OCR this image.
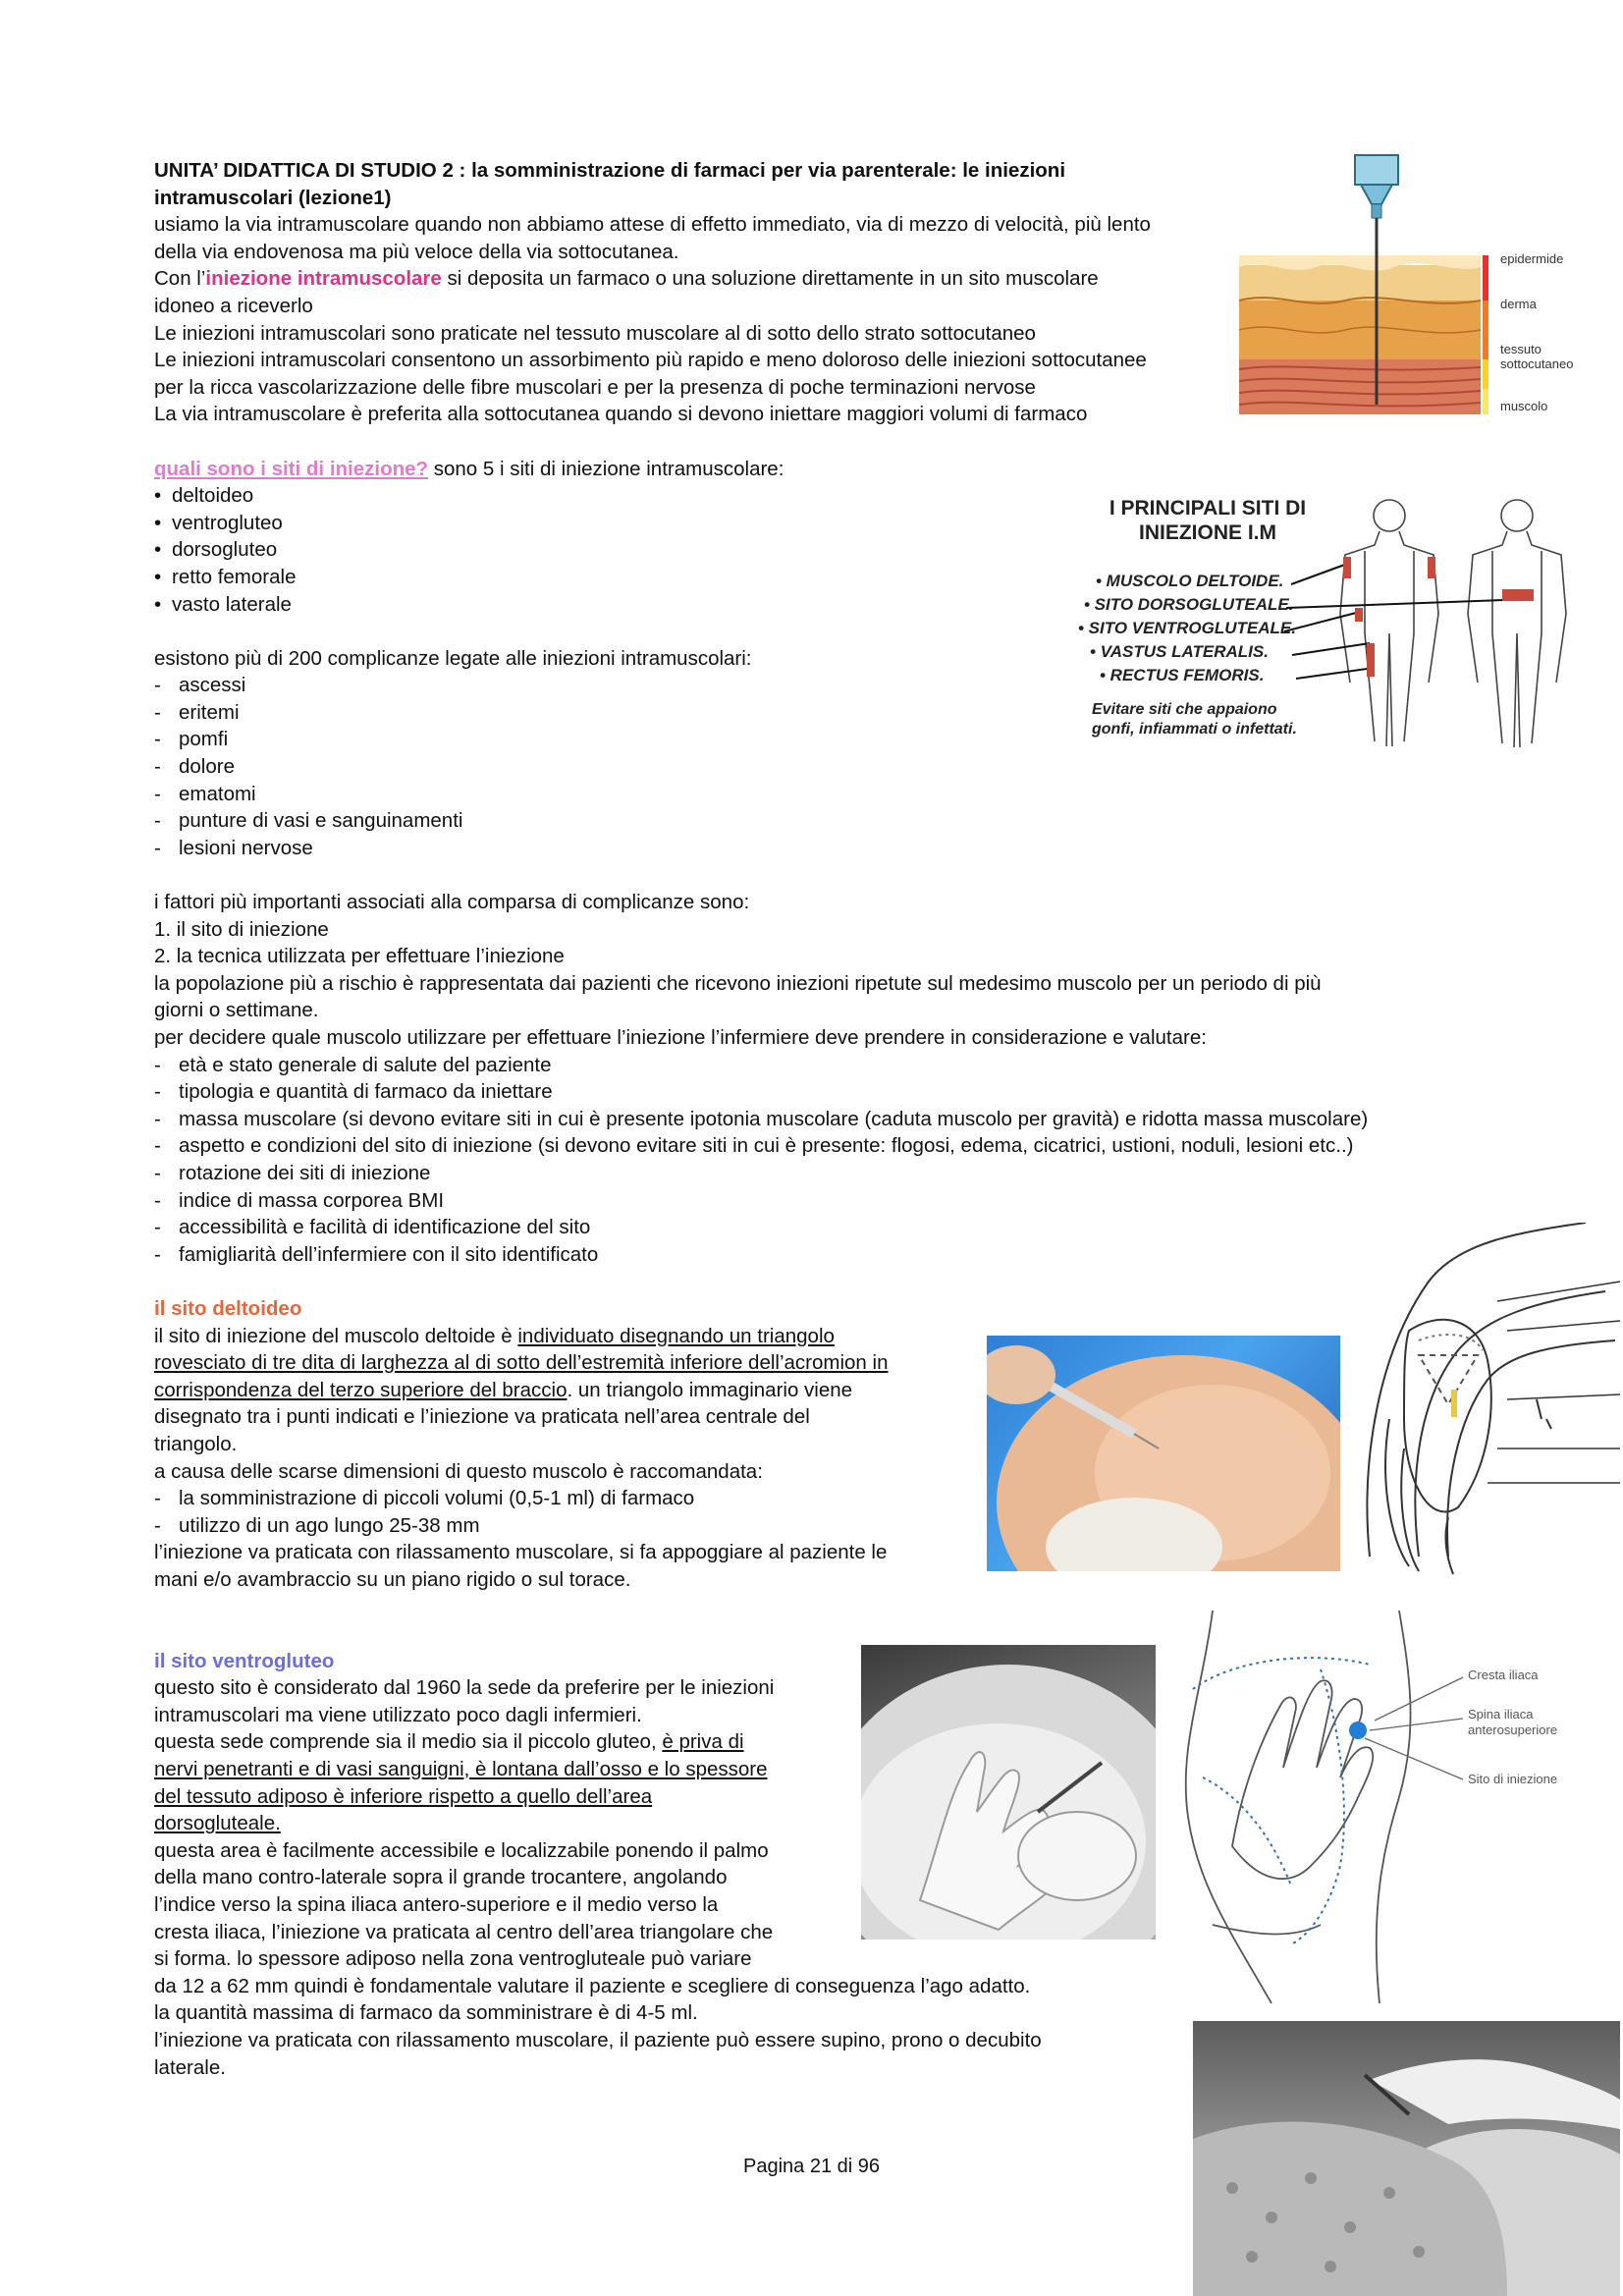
UNITA’ DIDATTICA DI STUDIO 2 : la somministrazione di farmaci per via parenterale: le iniezioni

intramuscolari (lezione1)

usiamo la via intramuscolare quando non abbiamo attese di effetto immediato, via di mezzo di velocità, più lento

della via endovenosa ma più veloce della via sottocutanea.

Con l’iniezione intramuscolare si deposita un farmaco o una soluzione direttamente in un sito muscolare

idoneo a riceverlo

Le iniezioni intramuscolari sono praticate nel tessuto muscolare al di sotto dello strato sottocutaneo

Le iniezioni intramuscolari consentono un assorbimento più rapido e meno doloroso delle iniezioni sottocutanee

per la ricca vascolarizzazione delle fibre muscolari e per la presenza di poche terminazioni nervose

La via intramuscolare è preferita alla sottocutanea quando si devono iniettare maggiori volumi di farmaco

quali sono i siti di iniezione? sono 5 i siti di iniezione intramuscolare:

• deltoideo

• ventrogluteo

• dorsogluteo

• retto femorale

• vasto laterale

esistono più di 200 complicanze legate alle iniezioni intramuscolari:

- ascessi

- eritemi

- pomfi

- dolore

- ematomi

- punture di vasi e sanguinamenti

- lesioni nervose

i fattori più importanti associati alla comparsa di complicanze sono:

1. il sito di iniezione

2. la tecnica utilizzata per effettuare l’iniezione

la popolazione più a rischio è rappresentata dai pazienti che ricevono iniezioni ripetute sul medesimo muscolo per un periodo di più

giorni o settimane.

per decidere quale muscolo utilizzare per effettuare l’iniezione l’infermiere deve prendere in considerazione e valutare:

- età e stato generale di salute del paziente

- tipologia e quantità di farmaco da iniettare

- massa muscolare (si devono evitare siti in cui è presente ipotonia muscolare (caduta muscolo per gravità) e ridotta massa muscolare)

- aspetto e condizioni del sito di iniezione (si devono evitare siti in cui è presente: flogosi, edema, cicatrici, ustioni, noduli, lesioni etc..)

- rotazione dei siti di iniezione

- indice di massa corporea BMI

- accessibilità e facilità di identificazione del sito

- famigliarità dell’infermiere con il sito identificato

il sito deltoideo

il sito di iniezione del muscolo deltoide è individuato disegnando un triangolo

rovesciato di tre dita di larghezza al di sotto dell’estremità inferiore dell’acromion in

corrispondenza del terzo superiore del braccio. un triangolo immaginario viene

disegnato tra i punti indicati e l’iniezione va praticata nell’area centrale del

triangolo.

a causa delle scarse dimensioni di questo muscolo è raccomandata:

- la somministrazione di piccoli volumi (0,5-1 ml) di farmaco

- utilizzo di un ago lungo 25-38 mm

l’iniezione va praticata con rilassamento muscolare, si fa appoggiare al paziente le

mani e/o avambraccio su un piano rigido o sul torace.

il sito ventrogluteo

questo sito è considerato dal 1960 la sede da preferire per le iniezioni

intramuscolari ma viene utilizzato poco dagli infermieri.

questa sede comprende sia il medio sia il piccolo gluteo, è priva di

nervi penetranti e di vasi sanguigni, è lontana dall’osso e lo spessore

del tessuto adiposo è inferiore rispetto a quello dell’area

dorsogluteale.

questa area è facilmente accessibile e localizzabile ponendo il palmo

della mano contro-laterale sopra il grande trocantere, angolando

l’indice verso la spina iliaca antero-superiore e il medio verso la

cresta iliaca, l’iniezione va praticata al centro dell’area triangolare che

si forma. lo spessore adiposo nella zona ventrogluteale può variare

da 12 a 62 mm quindi è fondamentale valutare il paziente e scegliere di conseguenza l’ago adatto.

la quantità massima di farmaco da somministrare è di 4-5 ml.

l’iniezione va praticata con rilassamento muscolare, il paziente può essere supino, prono o decubito

laterale.

epidermide
derma
tessuto
sottocutaneo
muscolo
I PRINCIPALI SITI DI
INIEZIONE I.M
• MUSCOLO DELTOIDE.
• SITO DORSOGLUTEALE.
• SITO VENTROGLUTEALE.
• VASTUS LATERALIS.
• RECTUS FEMORIS.
Evitare siti che appaiono
gonfi, infiammati o infettati.
Cresta iliaca
Spina iliaca
anterosuperiore
Sito di iniezione
Pagina 21 di 96
